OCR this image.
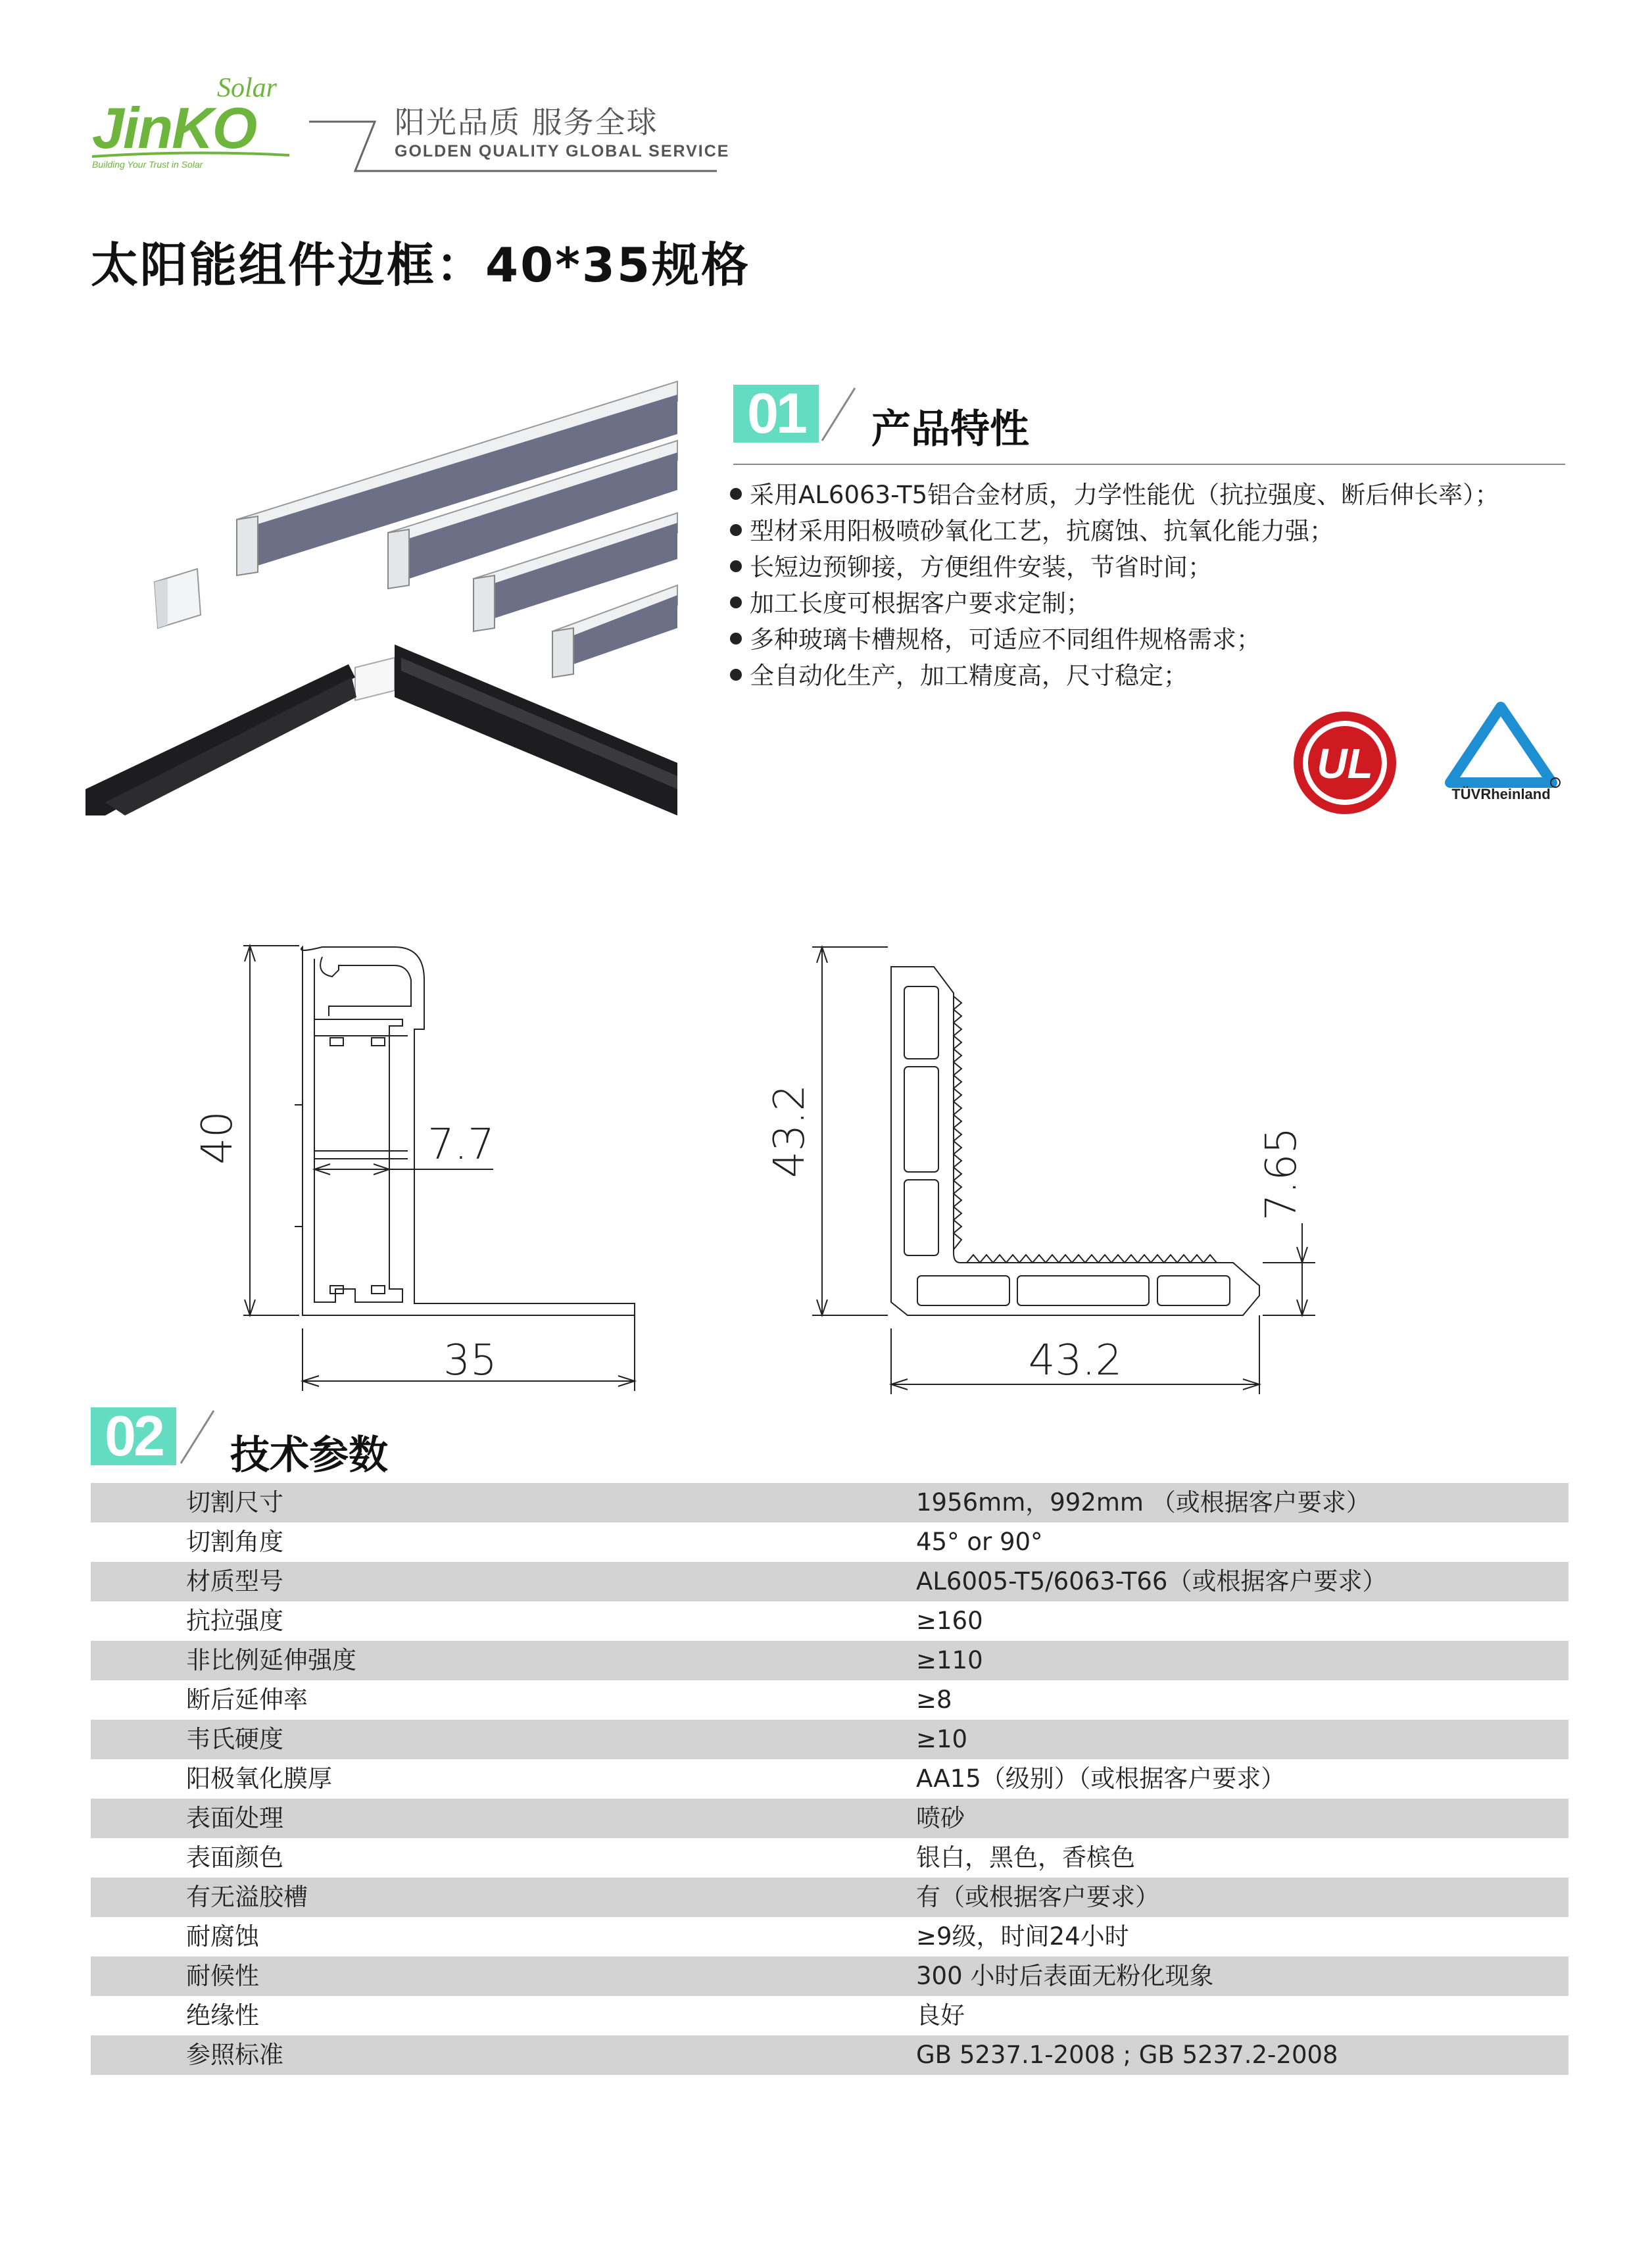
JinKO
Solar
Building Your Trust in Solar
阳光品质 服务全球
GOLDEN QUALITY GLOBAL SERVICE
太阳能组件边框：40*35规格
01	产品特性
采用AL6063-T5铝合金材质，力学性能优（抗拉强度、断后伸长率）；
型材采用阳极喷砂氧化工艺，抗腐蚀、抗氧化能力强；
长短边预铆接，方便组件安装，节省时间；
加工长度可根据客户要求定制；
多种玻璃卡槽规格，可适应不同组件规格需求；
全自动化生产，加工精度高，尺寸稳定；
UL
TÜVRheinland
40	7.7
35
43.2	7.65
43.2
02	技术参数
切割尺寸	1956mm，992mm （或根据客户要求）
切割角度	45° or 90°
材质型号	AL6005-T5/6063-T66（或根据客户要求）
抗拉强度	≥160
非比例延伸强度	≥110
断后延伸率	≥8
韦氏硬度	≥10
阳极氧化膜厚	AA15（级别）（或根据客户要求）
表面处理	喷砂
表面颜色	银白，黑色，香槟色
有无溢胶槽	有（或根据客户要求）
耐腐蚀	≥9级，时间24小时
耐候性	300 小时后表面无粉化现象
绝缘性	良好
参照标准	GB 5237.1-2008 ; GB 5237.2-2008
